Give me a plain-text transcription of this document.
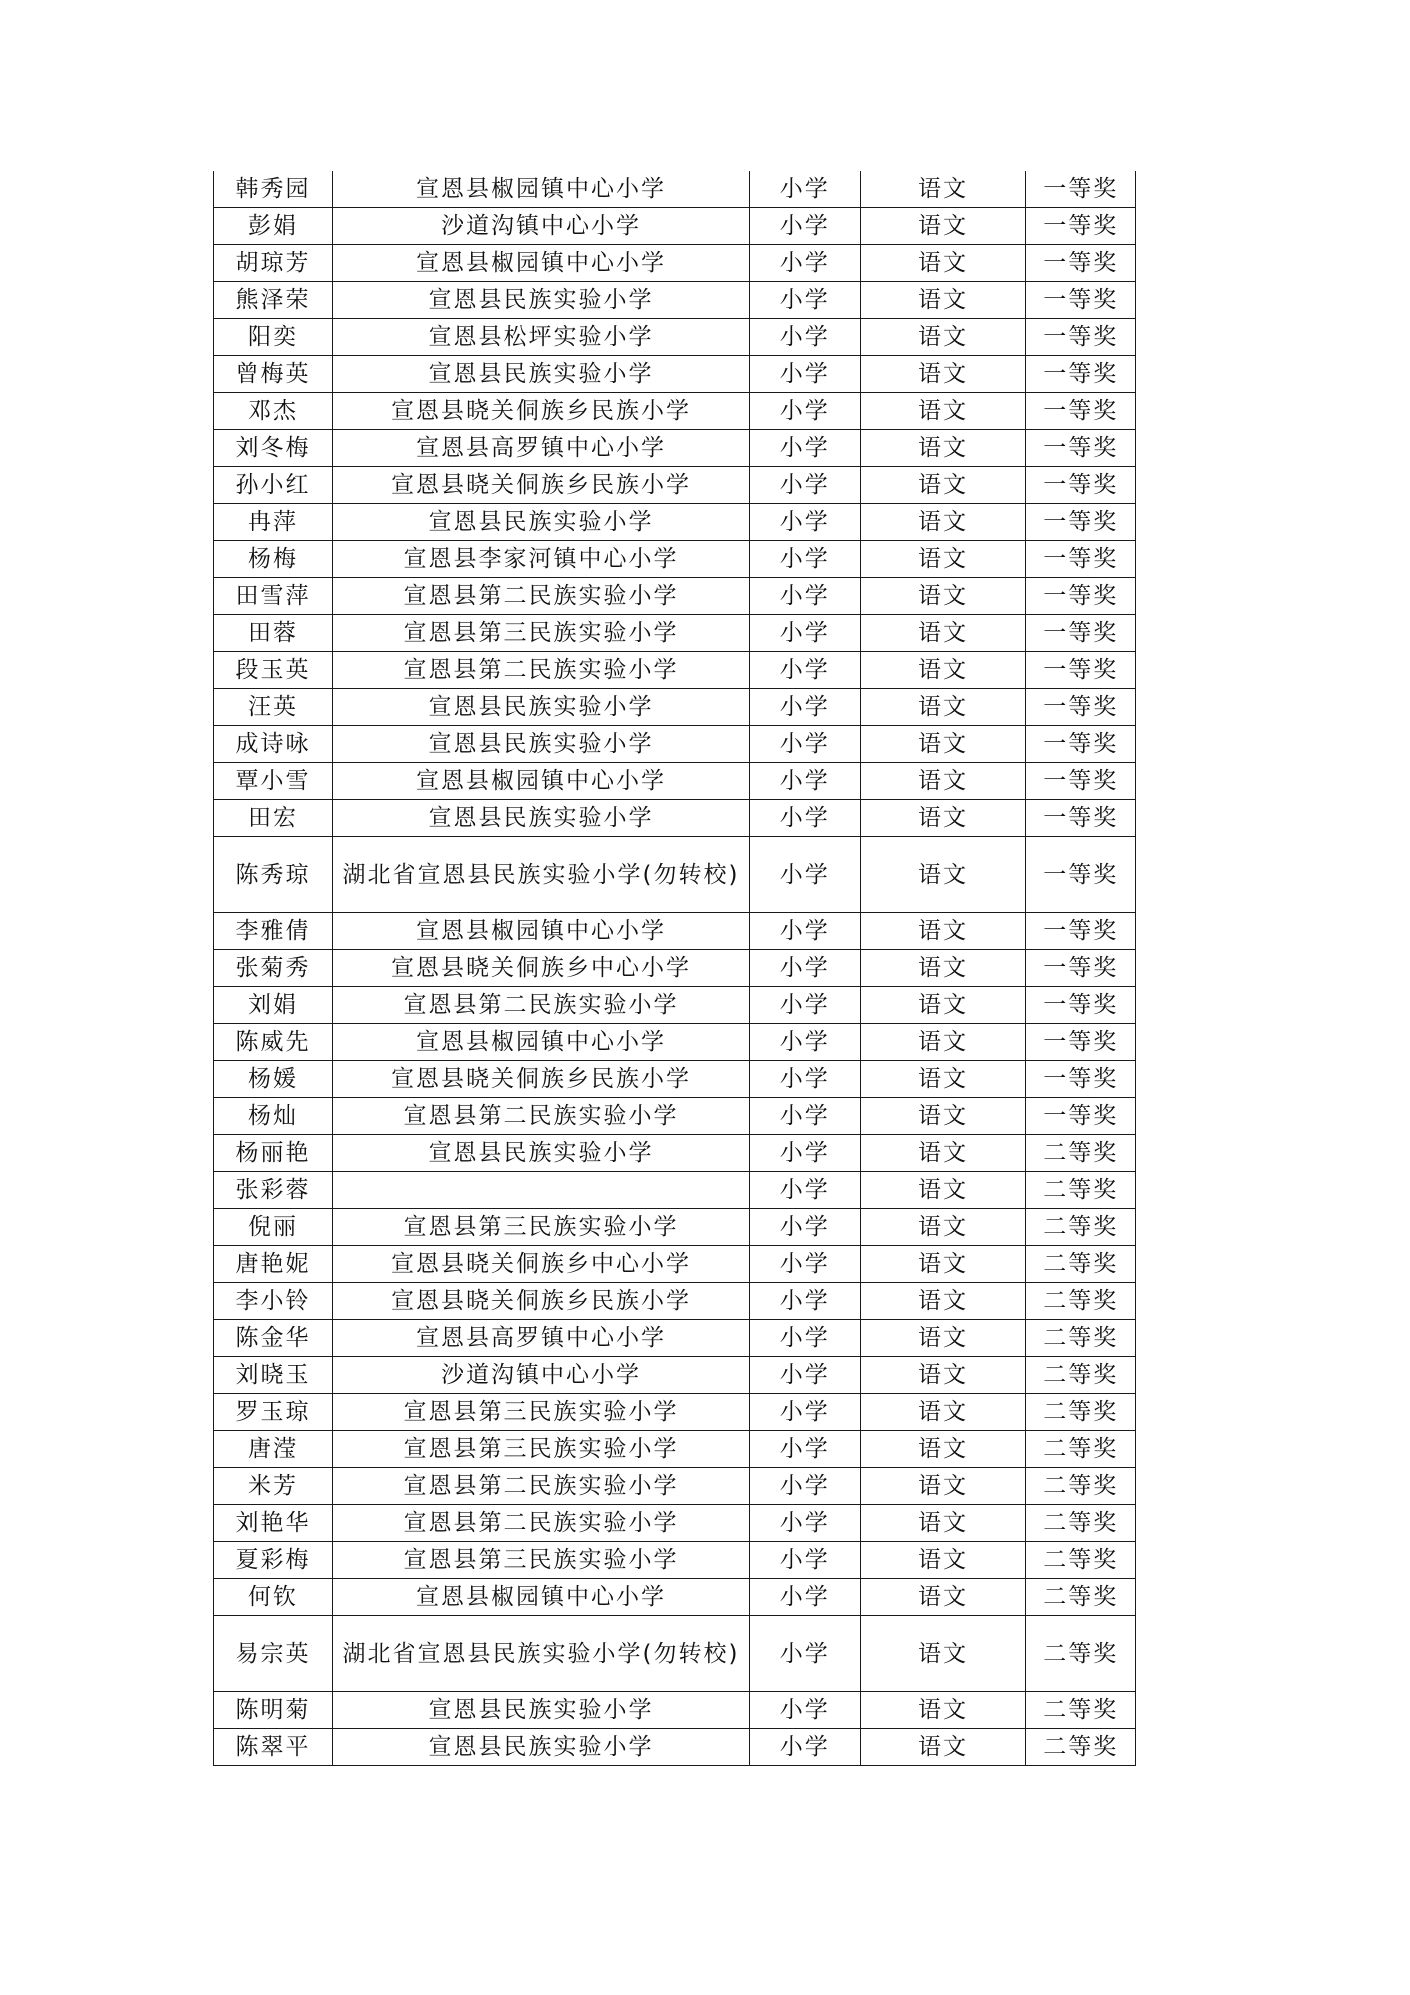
韩秀园	宣恩县椒园镇中心小学	小学	语文	一等奖
彭娟	沙道沟镇中心小学	小学	语文	一等奖
胡琼芳	宣恩县椒园镇中心小学	小学	语文	一等奖
熊泽荣	宣恩县民族实验小学	小学	语文	一等奖
阳奕	宣恩县松坪实验小学	小学	语文	一等奖
曾梅英	宣恩县民族实验小学	小学	语文	一等奖
邓杰	宣恩县晓关侗族乡民族小学	小学	语文	一等奖
刘冬梅	宣恩县高罗镇中心小学	小学	语文	一等奖
孙小红	宣恩县晓关侗族乡民族小学	小学	语文	一等奖
冉萍	宣恩县民族实验小学	小学	语文	一等奖
杨梅	宣恩县李家河镇中心小学	小学	语文	一等奖
田雪萍	宣恩县第二民族实验小学	小学	语文	一等奖
田蓉	宣恩县第三民族实验小学	小学	语文	一等奖
段玉英	宣恩县第二民族实验小学	小学	语文	一等奖
汪英	宣恩县民族实验小学	小学	语文	一等奖
成诗咏	宣恩县民族实验小学	小学	语文	一等奖
覃小雪	宣恩县椒园镇中心小学	小学	语文	一等奖
田宏	宣恩县民族实验小学	小学	语文	一等奖
陈秀琼	湖北省宣恩县民族实验小学(勿转校)	小学	语文	一等奖
李雅倩	宣恩县椒园镇中心小学	小学	语文	一等奖
张菊秀	宣恩县晓关侗族乡中心小学	小学	语文	一等奖
刘娟	宣恩县第二民族实验小学	小学	语文	一等奖
陈威先	宣恩县椒园镇中心小学	小学	语文	一等奖
杨媛	宣恩县晓关侗族乡民族小学	小学	语文	一等奖
杨灿	宣恩县第二民族实验小学	小学	语文	一等奖
杨丽艳	宣恩县民族实验小学	小学	语文	二等奖
张彩蓉		小学	语文	二等奖
倪丽	宣恩县第三民族实验小学	小学	语文	二等奖
唐艳妮	宣恩县晓关侗族乡中心小学	小学	语文	二等奖
李小铃	宣恩县晓关侗族乡民族小学	小学	语文	二等奖
陈金华	宣恩县高罗镇中心小学	小学	语文	二等奖
刘晓玉	沙道沟镇中心小学	小学	语文	二等奖
罗玉琼	宣恩县第三民族实验小学	小学	语文	二等奖
唐滢	宣恩县第三民族实验小学	小学	语文	二等奖
米芳	宣恩县第二民族实验小学	小学	语文	二等奖
刘艳华	宣恩县第二民族实验小学	小学	语文	二等奖
夏彩梅	宣恩县第三民族实验小学	小学	语文	二等奖
何钦	宣恩县椒园镇中心小学	小学	语文	二等奖
易宗英	湖北省宣恩县民族实验小学(勿转校)	小学	语文	二等奖
陈明菊	宣恩县民族实验小学	小学	语文	二等奖
陈翠平	宣恩县民族实验小学	小学	语文	二等奖
